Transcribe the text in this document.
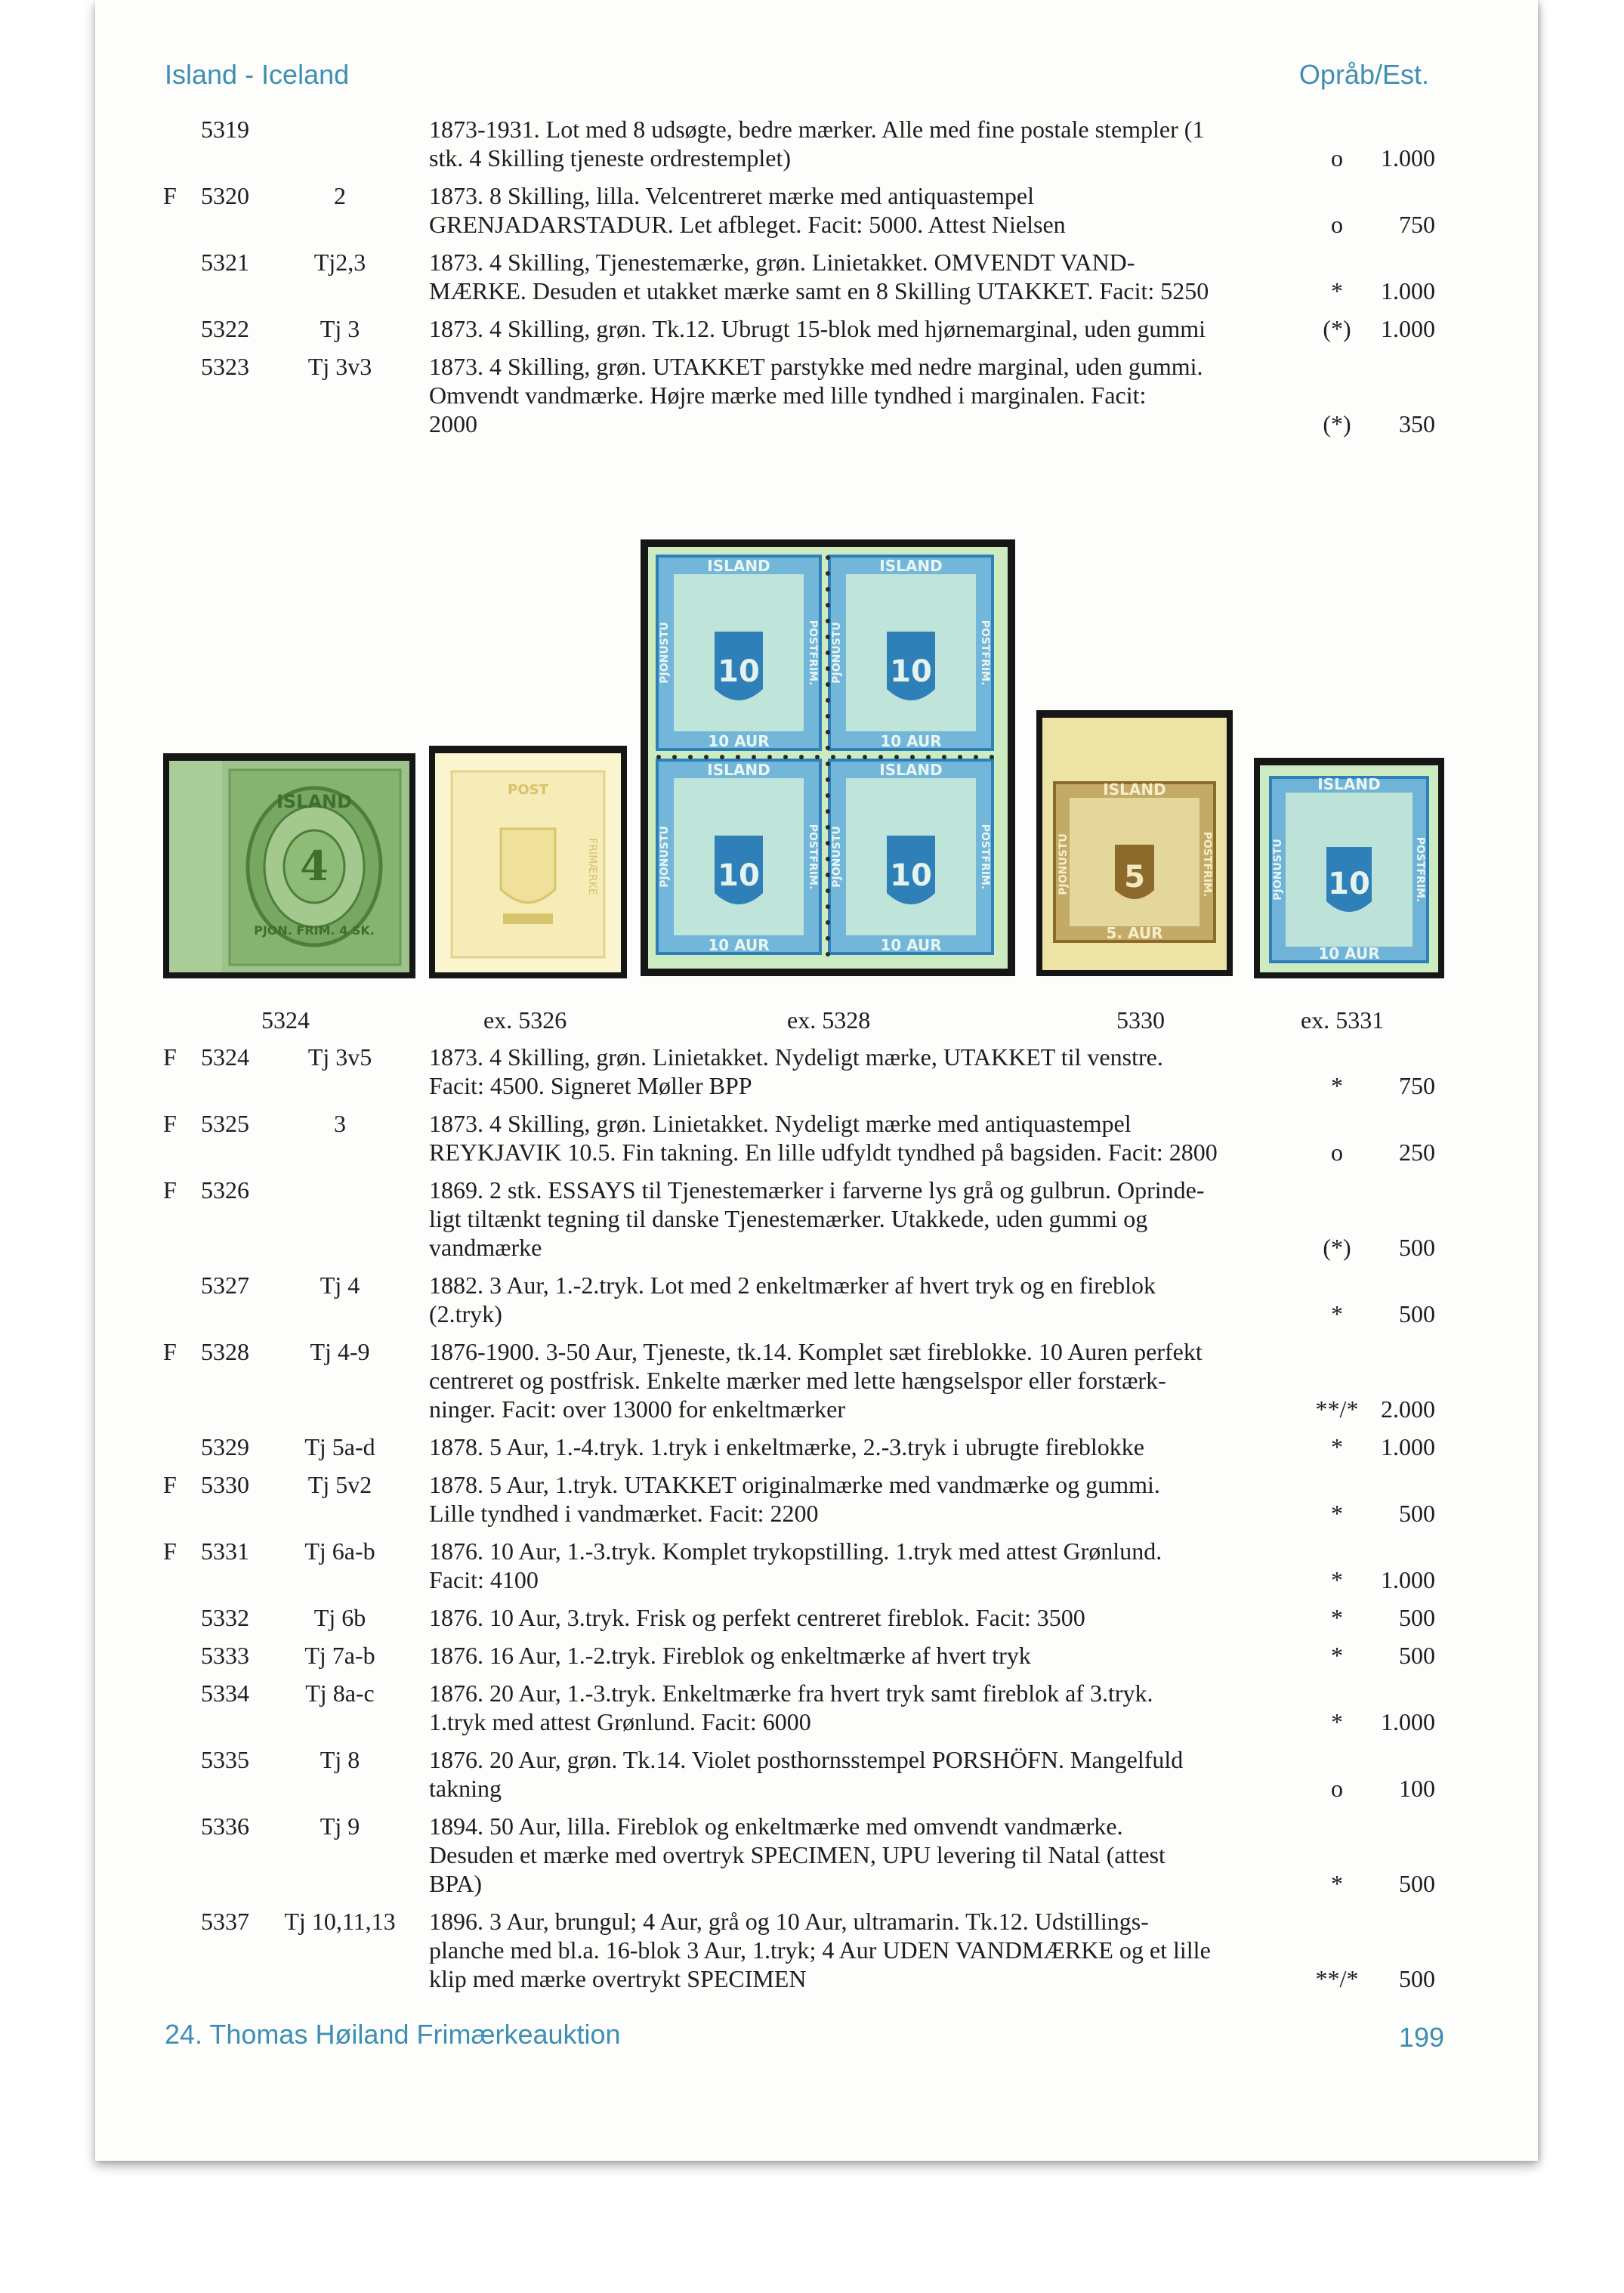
Island - Iceland	Opråb/Est.
5319	1873-1931. Lot med 8 udsøgte, bedre mærker. Alle med fine postale stempler (1
stk. 4 Skilling tjeneste ordrestemplet)	o	1.000
F 5320	2	1873. 8 Skilling, lilla. Velcentreret mærke med antiquastempel
GRENJADARSTADUR. Let afbleget. Facit: 5000. Attest Nielsen	o	750
5321	Tj2,3	1873. 4 Skilling, Tjenestemærke, grøn. Linietakket. OMVENDT VAND-
MÆRKE. Desuden et utakket mærke samt en 8 Skilling UTAKKET. Facit: 5250	*	1.000
5322	Tj 3	1873. 4 Skilling, grøn. Tk.12. Ubrugt 15-blok med hjørnemarginal, uden gummi	(*)	1.000
5323	Tj 3v3	1873. 4 Skilling, grøn. UTAKKET parstykke med nedre marginal, uden gummi.
Omvendt vandmærke. Højre mærke med lille tyndhed i marginalen. Facit:
2000	(*)	350
4
ISLAND
PJON. FRIM. 4 SK.
POST
FRIMÆRKE
10
ISLAND
10 AUR
PJONUSTU	POSTFRIM. 10
ISLAND
10 AUR
PJONUSTU	POSTFRIM.
10
ISLAND
10 AUR
PJONUSTU	POSTFRIM. 10
ISLAND
10 AUR
PJONUSTU	POSTFRIM.	5
ISLAND
5. AUR
PJONUSTU	POSTFRIM.	10
ISLAND
10 AUR
PJONUSTU	POSTFRIM.
5324	ex. 5326	ex. 5328	5330	ex. 5331
F 5324	Tj 3v5	1873. 4 Skilling, grøn. Linietakket. Nydeligt mærke, UTAKKET til venstre.
Facit: 4500. Signeret Møller BPP	*	750
F 5325	3	1873. 4 Skilling, grøn. Linietakket. Nydeligt mærke med antiquastempel
REYKJAVIK 10.5. Fin takning. En lille udfyldt tyndhed på bagsiden. Facit: 2800	o	250
F 5326	1869. 2 stk. ESSAYS til Tjenestemærker i farverne lys grå og gulbrun. Oprinde-
ligt tiltænkt tegning til danske Tjenestemærker. Utakkede, uden gummi og
vandmærke	(*)	500
5327	Tj 4	1882. 3 Aur, 1.-2.tryk. Lot med 2 enkeltmærker af hvert tryk og en fireblok
(2.tryk)	*	500
F 5328	Tj 4-9	1876-1900. 3-50 Aur, Tjeneste, tk.14. Komplet sæt fireblokke. 10 Auren perfekt
centreret og postfrisk. Enkelte mærker med lette hængselspor eller forstærk-
ninger. Facit: over 13000 for enkeltmærker	**/* 2.000
5329	Tj 5a-d	1878. 5 Aur, 1.-4.tryk. 1.tryk i enkeltmærke, 2.-3.tryk i ubrugte fireblokke	*	1.000
F 5330	Tj 5v2	1878. 5 Aur, 1.tryk. UTAKKET originalmærke med vandmærke og gummi.
Lille tyndhed i vandmærket. Facit: 2200	*	500
F 5331	Tj 6a-b	1876. 10 Aur, 1.-3.tryk. Komplet trykopstilling. 1.tryk med attest Grønlund.
Facit: 4100	*	1.000
5332	Tj 6b	1876. 10 Aur, 3.tryk. Frisk og perfekt centreret fireblok. Facit: 3500	*	500
5333	Tj 7a-b	1876. 16 Aur, 1.-2.tryk. Fireblok og enkeltmærke af hvert tryk	*	500
5334	Tj 8a-c	1876. 20 Aur, 1.-3.tryk. Enkeltmærke fra hvert tryk samt fireblok af 3.tryk.
1.tryk med attest Grønlund. Facit: 6000	*	1.000
5335	Tj 8	1876. 20 Aur, grøn. Tk.14. Violet posthornsstempel PORSHÖFN. Mangelfuld
takning	o	100
5336	Tj 9	1894. 50 Aur, lilla. Fireblok og enkeltmærke med omvendt vandmærke.
Desuden et mærke med overtryk SPECIMEN, UPU levering til Natal (attest
BPA)	*	500
5337	Tj 10,11,13	1896. 3 Aur, brungul; 4 Aur, grå og 10 Aur, ultramarin. Tk.12. Udstillings-
planche med bl.a. 16-blok 3 Aur, 1.tryk; 4 Aur UDEN VANDMÆRKE og et lille
klip med mærke overtrykt SPECIMEN	**/*	500
24. Thomas Høiland Frimærkeauktion	199
